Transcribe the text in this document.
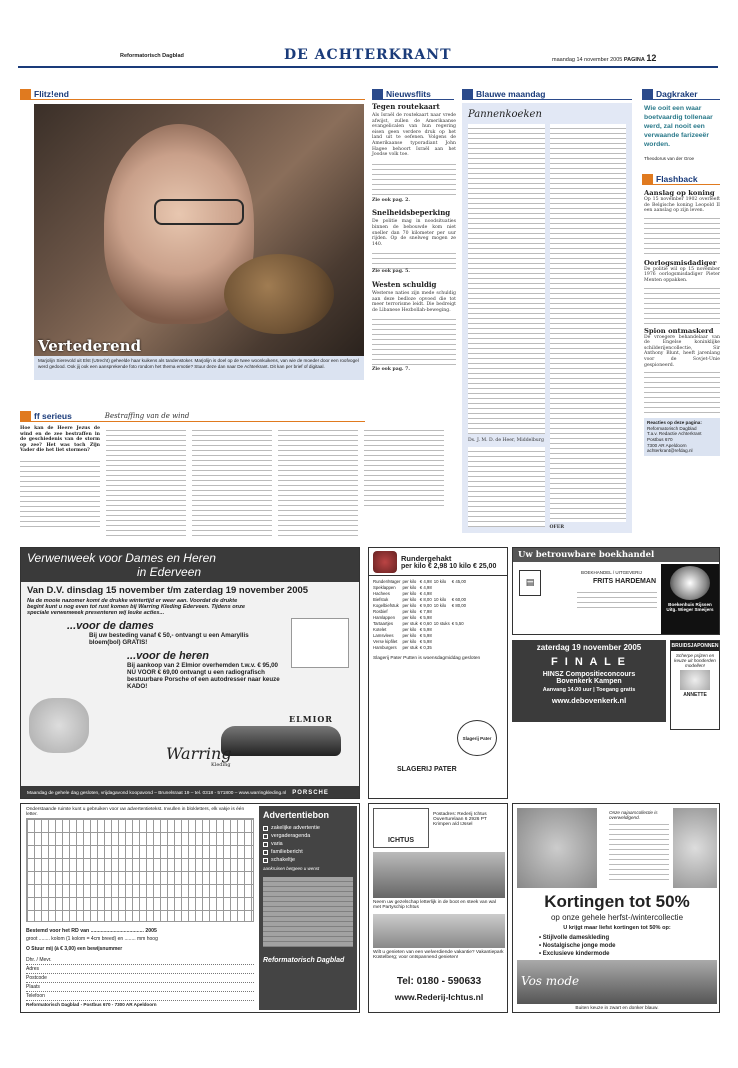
Reformatorisch Dagblad	DE ACHTERKRANT	maandag 14 november 2005 PAGINA 12
Flitz!end
Vertederend
Marjolijn Sierevold uit Elst (Utrecht) geheelde haar kuikens als tandenstoker. Marjolijn is doel op de twee woonkuikens, van wie de moeder door een roofvogel werd gedood. Ook jij ook een aansprekende foto rondom het thema emotie? Stuur deze dan naar De Achterkrant. Dit kan per brief of digitaal.
Nieuwsflits
Tegen routekaart
Als Israël de routekaart naar vrede afwijst, zullen de Amerikaanse evangelicalen van hun regering eisen geen verdere druk op het land uit te oefenen. Volgens de Amerikaanse typoradiant John Hagee behoort Israël aan het Joodse volk toe.
Zie ook pag. 2.
Snelheidsbeperking
De politie mag in noodsituaties binnen de bebouwde kom niet sneller dan 70 kilometer per uur rijden. Op de snelweg mogen ze 140.
Zie ook pag. 5.
Westen schuldig
Westerse naties zijn mede schuldig aan deze bedloze opvoed die tot meer terrorisme leidt. Die bedreigt de Libanese Hezbollah-beweging.
Zie ook pag. 7.
Blauwe maandag
Pannenkoeken
Ds. J. M. D. de Heer, Middelburg
OFER
Dagkraker
Wie ooit een waar boetvaardig tollenaar werd, zal nooit een verwaande farizeeër worden.
Theodorus van der Groe
Flashback
Aanslag op koning
Op 15 november 1902 overleeft de Belgische koning Leopold II een aanslag op zijn leven.
Oorlogsmisdadiger
De politie wil op 15 november 1976 oorlogsmisdadiger Pieter Menten oppakken.
Spion ontmaskerd
De vroegere behandelaar van de Engelse koninklijke schilderijencollectie, Sir Anthony Blunt, heeft jarenlang voor de Sovjet-Unie gespioneerd.
Reacties op deze pagina:
Reformatorisch Dagblad
T.a.v. Redactie Achterkrant
Postbus 670
7300 AR Apeldoorn
achterkrant@refdag.nl
ff serieus	Bestraffing van de wind
Hoe kan de Heere Jezus de wind en de zee bestraffen in de geschiedenis van de storm op zee? Het was toch Zijn Vader die het liet stormen?
Verwenweek voor Dames en Heren
in Ederveen
Van D.V. dinsdag 15 november t/m zaterdag 19 november 2005
Na de mooie nazomer komt de drukke wintertijd er weer aan. Voordat de drukte begint kunt u nog even tot rust komen bij Warring Kleding Ederveen. Tijdens onze speciale verwenweek presenteren wij leuke acties...
...voor de dames
Bij uw besteding vanaf € 50,- ontvangt u een Amaryllis bloem(bol) GRATIS!
...voor de heren
Bij aankoop van 2 Elmior overhemden t.w.v. € 95,00 NU VOOR € 69,00 ontvangt u een radiografisch bestuurbare Porsche of een autodresser naar keuze KADO!
ELMIOR
Warring
Kleding
Maandag de gehele dag gesloten, vrijdagavond koopavond – Brunelsraat 19 – tel. 0318 - 571800 – www.warringkleding.nl PORSCHE
Rundergehakt
per kilo € 2,98 10 kilo € 25,00
Runder/Mager	per kilo	€ 4,98	10 kilo	€ 45,00
Speklappen	per kilo	€ 4,98		
Hachees	per kilo	€ 4,98		
Biefstuk	per kilo	€ 8,00	10 kilo	€ 60,00
Kogelbiefstuk	per kilo	€ 9,00	10 kilo	€ 80,00
Rosbief	per kilo	€ 7,98		
Hamlappen	per kilo	€ 5,98		
Tartaartjes	per stuk	€ 0,60	10 stuks	€ 5,50
Kotelet	per kilo	€ 5,98		
Lamsvlees	per kilo	€ 5,98		
Verse kipfilet	per kilo	€ 5,98		
Hamburgers	per stuk	€ 0,35		
Slagerij Pater Putten is woensdagmiddag gesloten
SLAGERIJ PATER
Slagerij Pater
Uw betrouwbare boekhandel
▤
BOEKHANDEL / UITGEVERIJ
FRITS HARDEMAN
Boekenhuis Rijssen Uitg. Wieger Smeijers
zaterdag 19 november 2005
F I N A L E
HINSZ Compositieconcours
Bovenkerk Kampen
Aanvang 14.00 uur | Toegang gratis
www.debovenkerk.nl
BRUIDSJAPONNEN
Scherpe prijzen en keuze uit honderden modellen!
ANNETTE
Onderstaande ruimte kunt u gebruiken voor uw advertentietekst. Invullen in blokletters, elk vakje is één letter.
Bestemd voor het RD van ..................................... 2005
groot ........ kolom (1 kolom = 4cm breed) en ........ mm hoog
O Stuur mij (à € 3,00) een bewijsnummer
Dhr. / Mevr.
Adres
Postcode
Plaats
Telefoon
Reformatorisch Dagblad - Postbus 670 - 7300 AR Apeldoorn
Advertentiebon
zakelijke advertentie
vergaderagenda
varia
familiebericht
schakeltje
aankruisen betgeen u wenst
Reformatorisch Dagblad
ICHTUS
Postadres: Rederij Ichtus Ouverturelaan 6 2926 PT Krimpen a/d IJssel
Neem uw gezelschap letterlijk in de boot en steek van wal met Partyschip Ichtus
Wilt u genieten van een welverdiende vakantie? Vakantiepark Küstelberg; voor ontspannend genieten!
Tel: 0180 - 590633
www.Rederij-Ichtus.nl
Onze najaarscollectie is overweldigend.
Kortingen tot 50%
op onze gehele herfst-/wintercollectie
U krijgt maar liefst kortingen tot 50% op:
• Stijlvolle dameskleding
• Nostalgische jonge mode
• Exclusieve kindermode
Vos mode
Buiten keuze in zwart en donker blauw.
